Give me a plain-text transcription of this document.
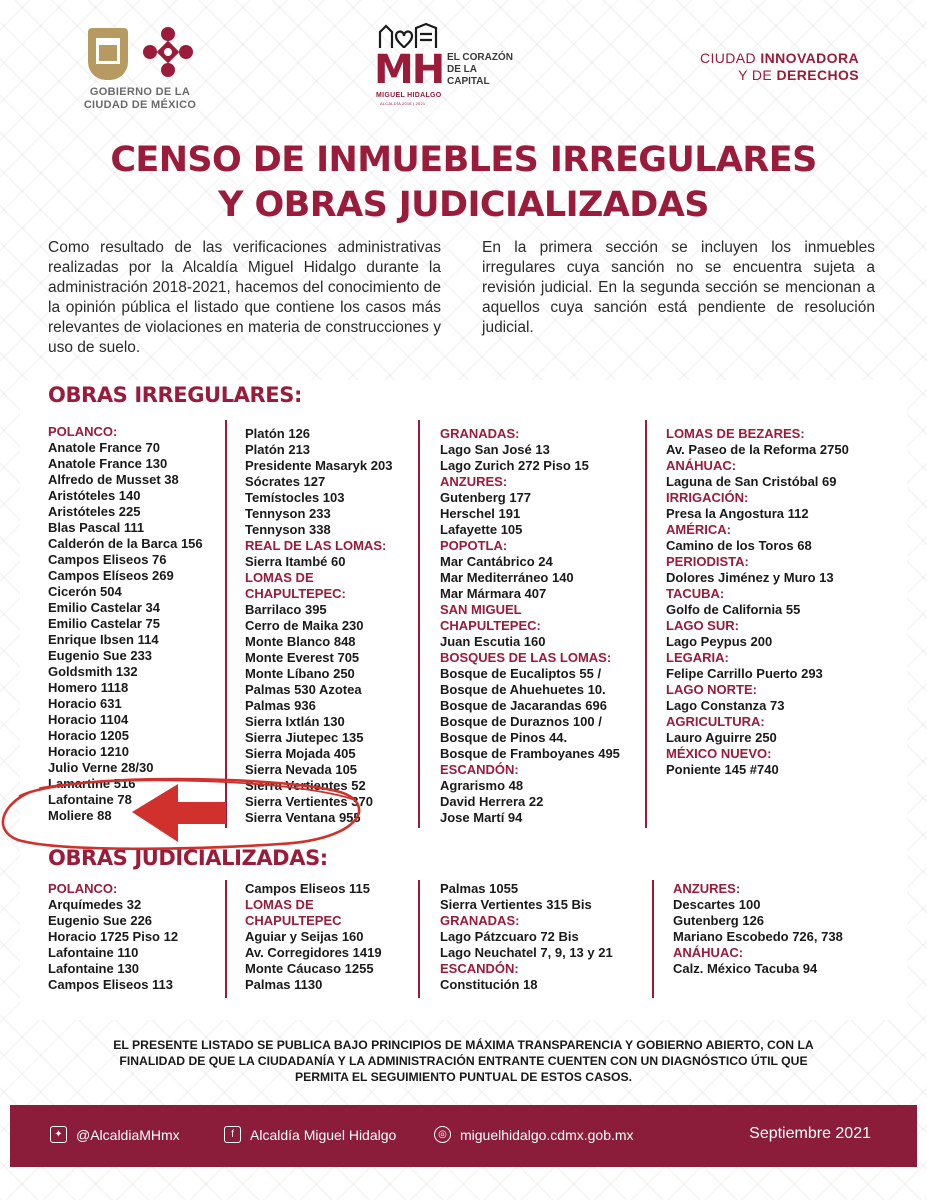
GOBIERNO DE LA
CIUDAD DE MÉXICO
MH
MIGUEL HIDALGO
ALCALDÍA 2018 | 2021
EL CORAZÓN
DE LA
CAPITAL
CIUDAD INNOVADORA
Y DE DERECHOS
CENSO DE INMUEBLES IRREGULARES
Y OBRAS JUDICIALIZADAS
Como resultado de las verificaciones administrativas realizadas por la Alcaldía Miguel Hidalgo durante la administración 2018-2021, hacemos del conocimiento de la opinión pública el listado que contiene los casos más relevantes de violaciones en materia de construcciones y uso de suelo.
En la primera sección se incluyen los inmuebles irregulares cuya sanción no se encuentra sujeta a revisión judicial. En la segunda sección se mencionan a aquellos cuya sanción está pendiente de resolución judicial.
OBRAS IRREGULARES:
POLANCO:
Anatole France 70
Anatole France 130
Alfredo de Musset 38
Aristóteles 140
Aristóteles 225
Blas Pascal 111
Calderón de la Barca 156
Campos Eliseos 76
Campos Elíseos 269
Cicerón 504
Emilio Castelar 34
Emilio Castelar 75
Enrique Ibsen 114
Eugenio Sue 233
Goldsmith 132
Homero 1118
Horacio 631
Horacio 1104
Horacio 1205
Horacio 1210
Julio Verne 28/30
Lamartine 516
Lafontaine 78
Moliere 88
Platón 126
Platón 213
Presidente Masaryk 203
Sócrates 127
Temístocles 103
Tennyson 233
Tennyson 338
REAL DE LAS LOMAS:
Sierra Itambé 60
LOMAS DE
CHAPULTEPEC:
Barrilaco 395
Cerro de Maika 230
Monte Blanco 848
Monte Everest 705
Monte Líbano 250
Palmas 530 Azotea
Palmas 936
Sierra Ixtlán 130
Sierra Jiutepec 135
Sierra Mojada 405
Sierra Nevada 105
Sierra Vertientes 52
Sierra Vertientes 370
Sierra Ventana 955
GRANADAS:
Lago San José 13
Lago Zurich 272 Piso 15
ANZURES:
Gutenberg 177
Herschel 191
Lafayette 105
POPOTLA:
Mar Cantábrico 24
Mar Mediterráneo 140
Mar Mármara 407
SAN MIGUEL
CHAPULTEPEC:
Juan Escutia 160
BOSQUES DE LAS LOMAS:
Bosque de Eucaliptos 55 /
Bosque de Ahuehuetes 10.
Bosque de Jacarandas 696
Bosque de Duraznos 100 /
Bosque de Pinos 44.
Bosque de Framboyanes 495
ESCANDÓN:
Agrarismo 48
David Herrera 22
Jose Martí 94
LOMAS DE BEZARES:
Av. Paseo de la Reforma 2750
ANÁHUAC:
Laguna de San Cristóbal 69
IRRIGACIÓN:
Presa la Angostura 112
AMÉRICA:
Camino de los Toros 68
PERIODISTA:
Dolores Jiménez y Muro 13
TACUBA:
Golfo de California 55
LAGO SUR:
Lago Peypus 200
LEGARIA:
Felipe Carrillo Puerto 293
LAGO NORTE:
Lago Constanza 73
AGRICULTURA:
Lauro Aguirre 250
MÉXICO NUEVO:
Poniente 145 #740
OBRAS JUDICIALIZADAS:
POLANCO:
Arquímedes 32
Eugenio Sue 226
Horacio 1725 Piso 12
Lafontaine 110
Lafontaine 130
Campos Eliseos 113
Campos Eliseos 115
LOMAS DE
CHAPULTEPEC
Aguiar y Seijas 160
Av. Corregidores 1419
Monte Cáucaso 1255
Palmas 1130
Palmas 1055
Sierra Vertientes 315 Bis
GRANADAS:
Lago Pátzcuaro 72 Bis
Lago Neuchatel 7, 9, 13 y 21
ESCANDÓN:
Constitución 18
ANZURES:
Descartes 100
Gutenberg 126
Mariano Escobedo 726, 738
ANÁHUAC:
Calz. México Tacuba 94
EL PRESENTE LISTADO SE PUBLICA BAJO PRINCIPIOS DE MÁXIMA TRANSPARENCIA Y GOBIERNO ABIERTO, CON LA
FINALIDAD DE QUE LA CIUDADANÍA Y LA ADMINISTRACIÓN ENTRANTE CUENTEN CON UN DIAGNÓSTICO ÚTIL QUE
PERMITA EL SEGUIMIENTO PUNTUAL DE ESTOS CASOS.
✦ @AlcaldiaMHmx	f	Alcaldía Miguel Hidalgo	◎ miguelhidalgo.cdmx.gob.mx	Septiembre 2021
